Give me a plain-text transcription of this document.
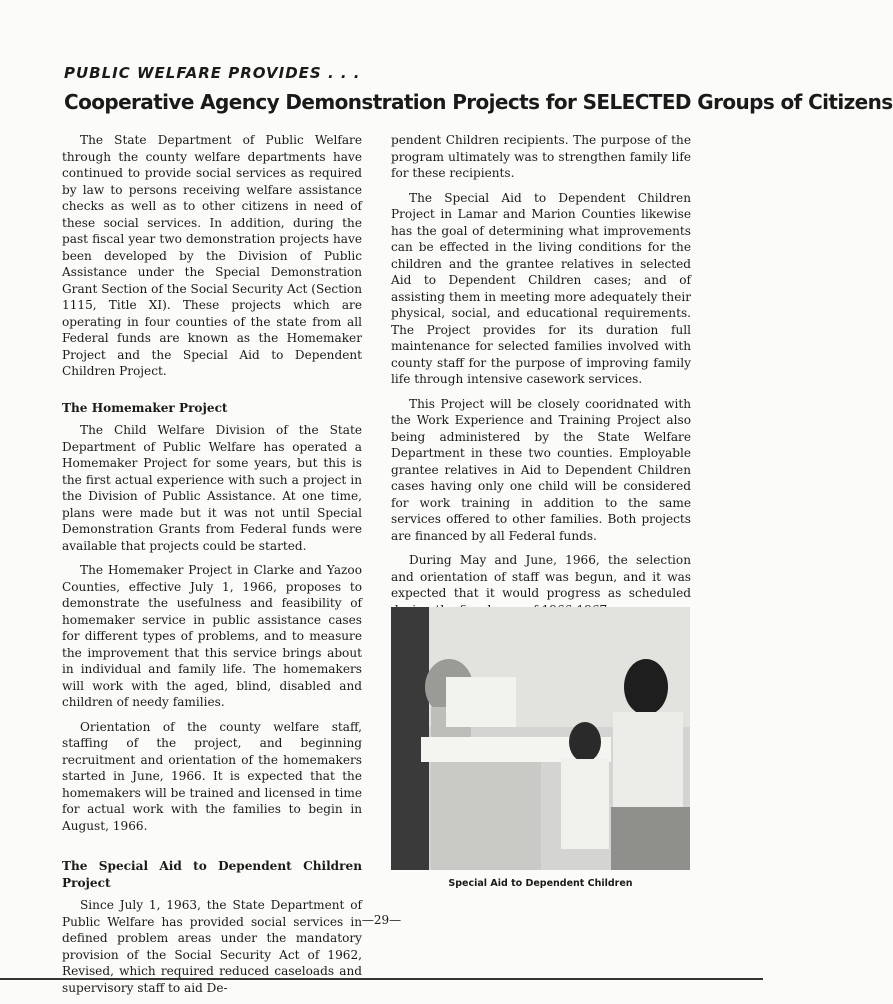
PUBLIC WELFARE PROVIDES . . .
Cooperative Agency Demonstration Projects for SELECTED Groups of Citizens

The State Department of Public Welfare through the county welfare departments have continued to provide social services as required by law to persons receiving welfare assistance checks as well as to other citizens in need of these social services. In addition, during the past fiscal year two demonstration projects have been developed by the Division of Public Assistance under the Special Demonstration Grant Section of the Social Security Act (Section 1115, Title XI). These projects which are operating in four counties of the state from all Federal funds are known as the Homemaker Project and the Special Aid to Dependent Children Project.

The Homemaker Project

The Child Welfare Division of the State Department of Public Welfare has operated a Homemaker Project for some years, but this is the first actual experience with such a project in the Division of Public Assistance. At one time, plans were made but it was not until Special Demonstration Grants from Federal funds were available that projects could be started.

The Homemaker Project in Clarke and Yazoo Counties, effective July 1, 1966, proposes to demonstrate the usefulness and feasibility of homemaker service in public assistance cases for different types of problems, and to measure the improvement that this service brings about in individual and family life. The homemakers will work with the aged, blind, disabled and children of needy families.

Orientation of the county welfare staff, staffing of the project, and beginning recruitment and orientation of the homemakers started in June, 1966. It is expected that the homemakers will be trained and licensed in time for actual work with the families to begin in August, 1966.

The Special Aid to Dependent Children Project

Since July 1, 1963, the State Department of Public Welfare has provided social services in defined problem areas under the mandatory provision of the Social Security Act of 1962, Revised, which required reduced caseloads and supervisory staff to aid De-

pendent Children recipients. The purpose of the program ultimately was to strengthen family life for these recipients.

The Special Aid to Dependent Children Project in Lamar and Marion Counties likewise has the goal of determining what improvements can be effected in the living conditions for the children and the grantee relatives in selected Aid to Dependent Children cases; and of assisting them in meeting more adequately their physical, social, and educational requirements. The Project provides for its duration full maintenance for selected families involved with county staff for the purpose of improving family life through intensive casework services.

This Project will be closely cooridnated with the Work Experience and Training Project also being administered by the State Welfare Department in these two counties. Employable grantee relatives in Aid to Dependent Children cases having only one child will be considered for work training in addition to the same services offered to other families. Both projects are financed by all Federal funds.

During May and June, 1966, the selection and orientation of staff was begun, and it was expected that it would progress as scheduled

Special Aid to Dependent Children
—29—
